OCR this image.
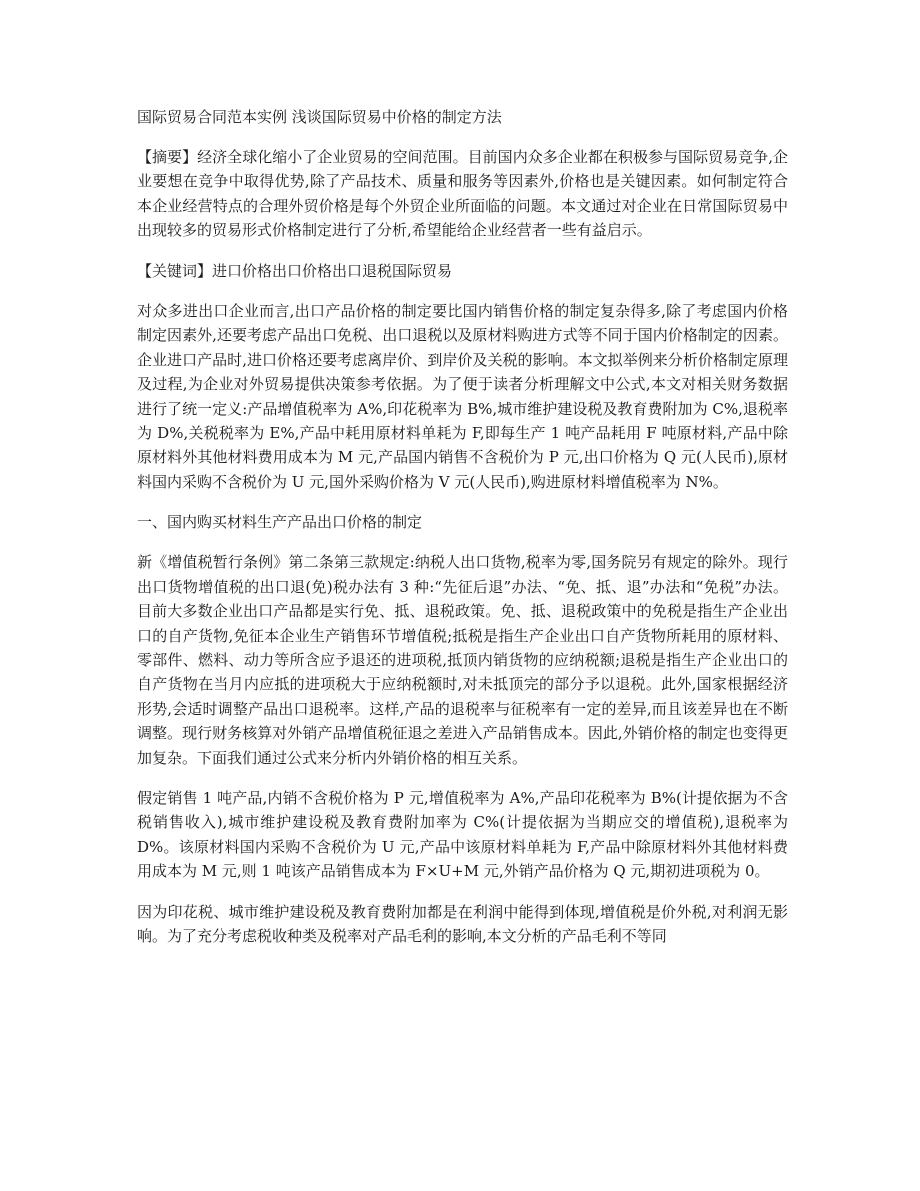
国际贸易合同范本实例 浅谈国际贸易中价格的制定方法

【摘要】经济全球化缩小了企业贸易的空间范围。目前国内众多企业都在积极参与国际贸易竞争,企业要想在竞争中取得优势,除了产品技术、质量和服务等因素外,价格也是关键因素。如何制定符合本企业经营特点的合理外贸价格是每个外贸企业所面临的问题。本文通过对企业在日常国际贸易中出现较多的贸易形式价格制定进行了分析,希望能给企业经营者一些有益启示。

【关键词】进口价格出口价格出口退税国际贸易

对众多进出口企业而言,出口产品价格的制定要比国内销售价格的制定复杂得多,除了考虑国内价格制定因素外,还要考虑产品出口免税、出口退税以及原材料购进方式等不同于国内价格制定的因素。企业进口产品时,进口价格还要考虑离岸价、到岸价及关税的影响。本文拟举例来分析价格制定原理及过程,为企业对外贸易提供决策参考依据。为了便于读者分析理解文中公式,本文对相关财务数据进行了统一定义:产品增值税率为 A%,印花税率为 B%,城市维护建设税及教育费附加为 C%,退税率为 D%,关税税率为 E%,产品中耗用原材料单耗为 F,即每生产 1 吨产品耗用 F 吨原材料,产品中除原材料外其他材料费用成本为 M 元,产品国内销售不含税价为 P 元,出口价格为 Q 元(人民币),原材料国内采购不含税价为 U 元,国外采购价格为 V 元(人民币),购进原材料增值税率为 N%。

一、国内购买材料生产产品出口价格的制定

新《增值税暂行条例》第二条第三款规定:纳税人出口货物,税率为零,国务院另有规定的除外。现行出口货物增值税的出口退(免)税办法有 3 种:“先征后退”办法、“免、抵、退”办法和“免税”办法。目前大多数企业出口产品都是实行免、抵、退税政策。免、抵、退税政策中的免税是指生产企业出口的自产货物,免征本企业生产销售环节增值税;抵税是指生产企业出口自产货物所耗用的原材料、零部件、燃料、动力等所含应予退还的进项税,抵顶内销货物的应纳税额;退税是指生产企业出口的自产货物在当月内应抵的进项税大于应纳税额时,对未抵顶完的部分予以退税。此外,国家根据经济形势,会适时调整产品出口退税率。这样,产品的退税率与征税率有一定的差异,而且该差异也在不断调整。现行财务核算对外销产品增值税征退之差进入产品销售成本。因此,外销价格的制定也变得更加复杂。下面我们通过公式来分析内外销价格的相互关系。

假定销售 1 吨产品,内销不含税价格为 P 元,增值税率为 A%,产品印花税率为 B%(计提依据为不含税销售收入),城市维护建设税及教育费附加率为 C%(计提依据为当期应交的增值税),退税率为 D%。该原材料国内采购不含税价为 U 元,产品中该原材料单耗为 F,产品中除原材料外其他材料费用成本为 M 元,则 1 吨该产品销售成本为 F×U+M 元,外销产品价格为 Q 元,期初进项税为 0。

因为印花税、城市维护建设税及教育费附加都是在利润中能得到体现,增值税是价外税,对利润无影响。为了充分考虑税收种类及税率对产品毛利的影响,本文分析的产品毛利不等同
